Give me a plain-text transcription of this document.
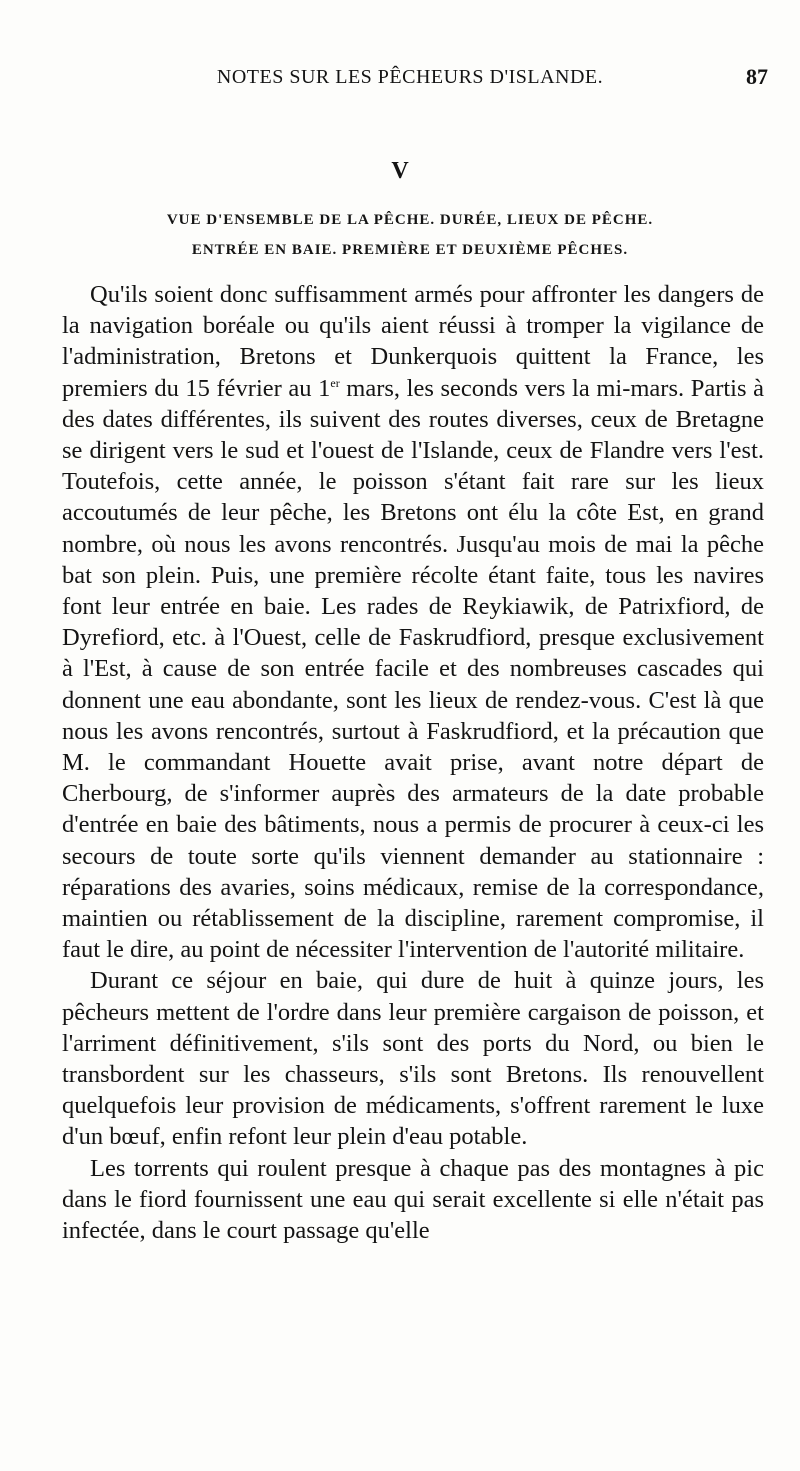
NOTES SUR LES PÊCHEURS D'ISLANDE.	87
V
VUE D'ENSEMBLE DE LA PÊCHE. DURÉE, LIEUX DE PÊCHE.
ENTRÉE EN BAIE. PREMIÈRE ET DEUXIÈME PÊCHES.

Qu'ils soient donc suffisamment armés pour affronter les dangers de la navigation boréale ou qu'ils aient réussi à tromper la vigilance de l'administration, Bretons et Dunkerquois quittent la France, les premiers du 15 février au 1er mars, les seconds vers la mi-mars. Partis à des dates différentes, ils suivent des routes diverses, ceux de Bretagne se dirigent vers le sud et l'ouest de l'Islande, ceux de Flandre vers l'est. Toutefois, cette année, le poisson s'étant fait rare sur les lieux accoutumés de leur pêche, les Bretons ont élu la côte Est, en grand nombre, où nous les avons rencontrés. Jusqu'au mois de mai la pêche bat son plein. Puis, une première récolte étant faite, tous les navires font leur entrée en baie. Les rades de Reykiawik, de Patrixfiord, de Dyrefiord, etc. à l'Ouest, celle de Faskrudfiord, presque exclusivement à l'Est, à cause de son entrée facile et des nombreuses cascades qui donnent une eau abondante, sont les lieux de rendez-vous. C'est là que nous les avons rencontrés, surtout à Faskrudfiord, et la précaution que M. le commandant Houette avait prise, avant notre départ de Cherbourg, de s'informer auprès des armateurs de la date probable d'entrée en baie des bâtiments, nous a permis de procurer à ceux-ci les secours de toute sorte qu'ils viennent demander au stationnaire : réparations des avaries, soins médicaux, remise de la correspondance, maintien ou rétablissement de la discipline, rarement compromise, il faut le dire, au point de nécessiter l'intervention de l'autorité militaire.

Durant ce séjour en baie, qui dure de huit à quinze jours, les pêcheurs mettent de l'ordre dans leur première cargaison de poisson, et l'arriment définitivement, s'ils sont des ports du Nord, ou bien le transbordent sur les chasseurs, s'ils sont Bretons. Ils renouvellent quelquefois leur provision de médicaments, s'offrent rarement le luxe d'un bœuf, enfin refont leur plein d'eau potable.

Les torrents qui roulent presque à chaque pas des montagnes à pic dans le fiord fournissent une eau qui serait excellente si elle n'était pas infectée, dans le court passage qu'elle
